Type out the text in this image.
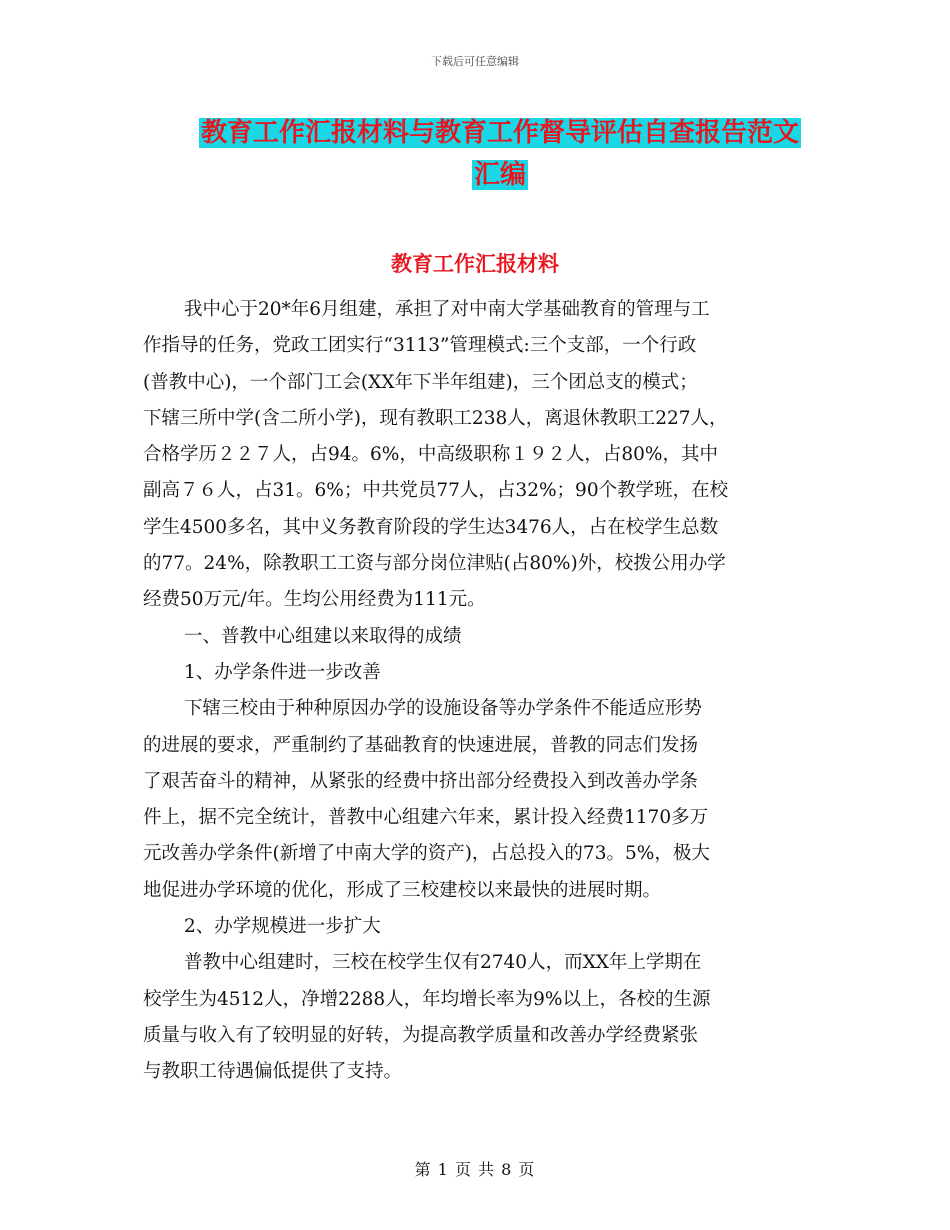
下载后可任意编辑
教育工作汇报材料与教育工作督导评估自查报告范文
汇编
教育工作汇报材料
我中心于20*年6月组建，承担了对中南大学基础教育的管理与工
作指导的任务，党政工团实行“3113”管理模式:三个支部，一个行政
(普教中心)，一个部门工会(XX年下半年组建)，三个团总支的模式；
下辖三所中学(含二所小学)，现有教职工238人，离退休教职工227人，
合格学历２２７人，占94。6%，中高级职称１９２人，占80%，其中
副高７６人，占31。6%；中共党员77人，占32%；90个教学班，在校
学生4500多名，其中义务教育阶段的学生达3476人，占在校学生总数
的77。24%，除教职工工资与部分岗位津贴(占80%)外，校拨公用办学
经费50万元/年。生均公用经费为111元。
一、普教中心组建以来取得的成绩
1、办学条件进一步改善
下辖三校由于种种原因办学的设施设备等办学条件不能适应形势
的进展的要求，严重制约了基础教育的快速进展，普教的同志们发扬
了艰苦奋斗的精神，从紧张的经费中挤出部分经费投入到改善办学条
件上，据不完全统计，普教中心组建六年来，累计投入经费1170多万
元改善办学条件(新增了中南大学的资产)，占总投入的73。5%，极大
地促进办学环境的优化，形成了三校建校以来最快的进展时期。
2、办学规模进一步扩大
普教中心组建时，三校在校学生仅有2740人，而XX年上学期在
校学生为4512人，净增2288人，年均增长率为9%以上，各校的生源
质量与收入有了较明显的好转，为提高教学质量和改善办学经费紧张
与教职工待遇偏低提供了支持。
第 1 页 共 8 页
